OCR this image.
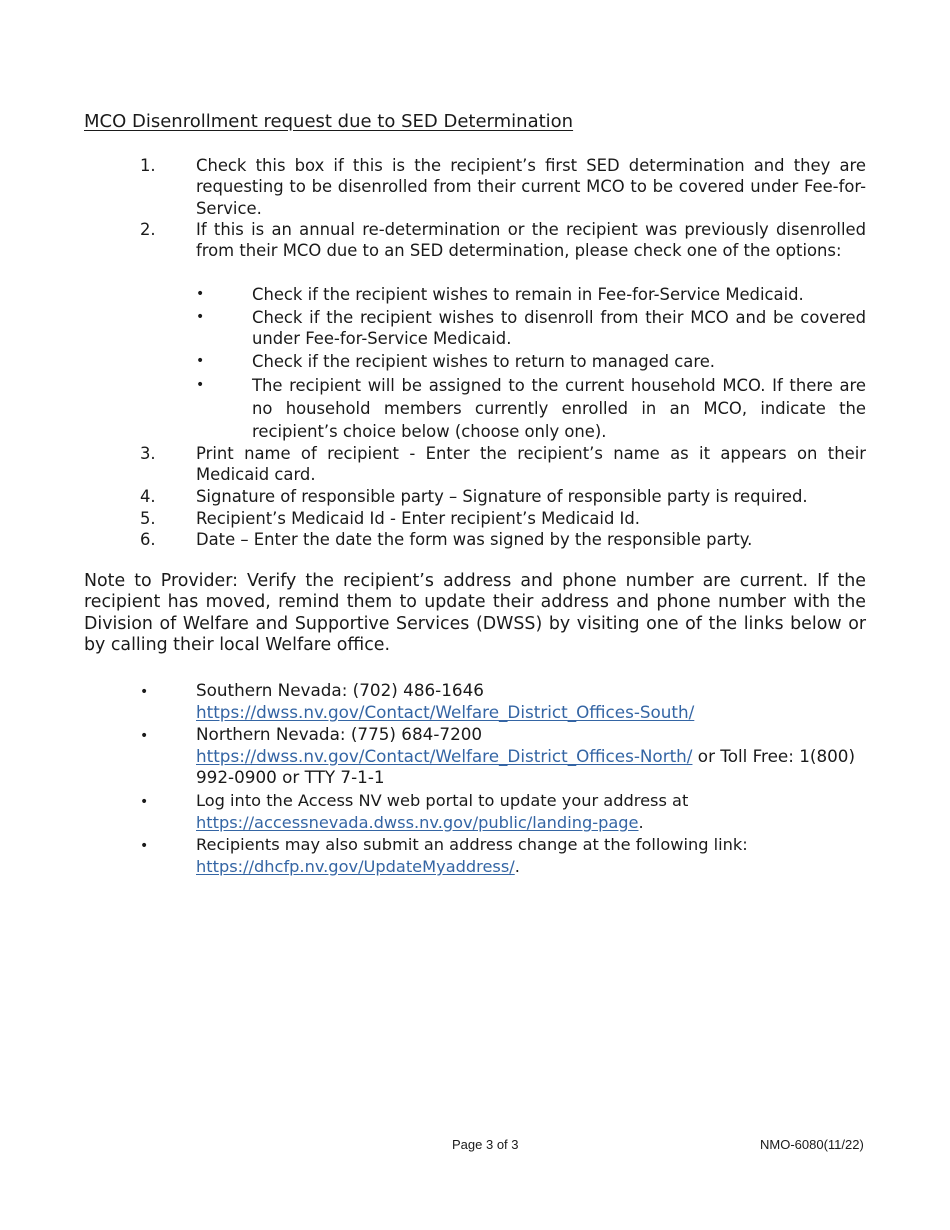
MCO Disenrollment request due to SED Determination
1. Check this box if this is the recipient’s first SED determination and they are requesting to be disenrolled from their current MCO to be covered under Fee-for-Service.
2. If this is an annual re-determination or the recipient was previously disenrolled from their MCO due to an SED determination, please check one of the options:
•	Check if the recipient wishes to remain in Fee-for-Service Medicaid.
•	Check if the recipient wishes to disenroll from their MCO and be covered under Fee-for-Service Medicaid.
•	Check if the recipient wishes to return to managed care.
•	The recipient will be assigned to the current household MCO. If there are no household members currently enrolled in an MCO, indicate the recipient’s choice below (choose only one).
3. Print name of recipient - Enter the recipient’s name as it appears on their Medicaid card.
4. Signature of responsible party – Signature of responsible party is required.
5. Recipient’s Medicaid Id - Enter recipient’s Medicaid Id.
6. Date – Enter the date the form was signed by the responsible party.
Note to Provider: Verify the recipient’s address and phone number are current. If the recipient has moved, remind them to update their address and phone number with the Division of Welfare and Supportive Services (DWSS) by visiting one of the links below or by calling their local Welfare office.
•	Southern Nevada: (702) 486-1646
https://dwss.nv.gov/Contact/Welfare_District_Offices-South/
•	Northern Nevada: (775) 684-7200
https://dwss.nv.gov/Contact/Welfare_District_Offices-North/ or Toll Free: 1(800) 992-0900 or TTY 7-1-1
•	Log into the Access NV web portal to update your address at
https://accessnevada.dwss.nv.gov/public/landing-page.
•	Recipients may also submit an address change at the following link:
https://dhcfp.nv.gov/UpdateMyaddress/.
Page 3 of 3	NMO-6080(11/22)
